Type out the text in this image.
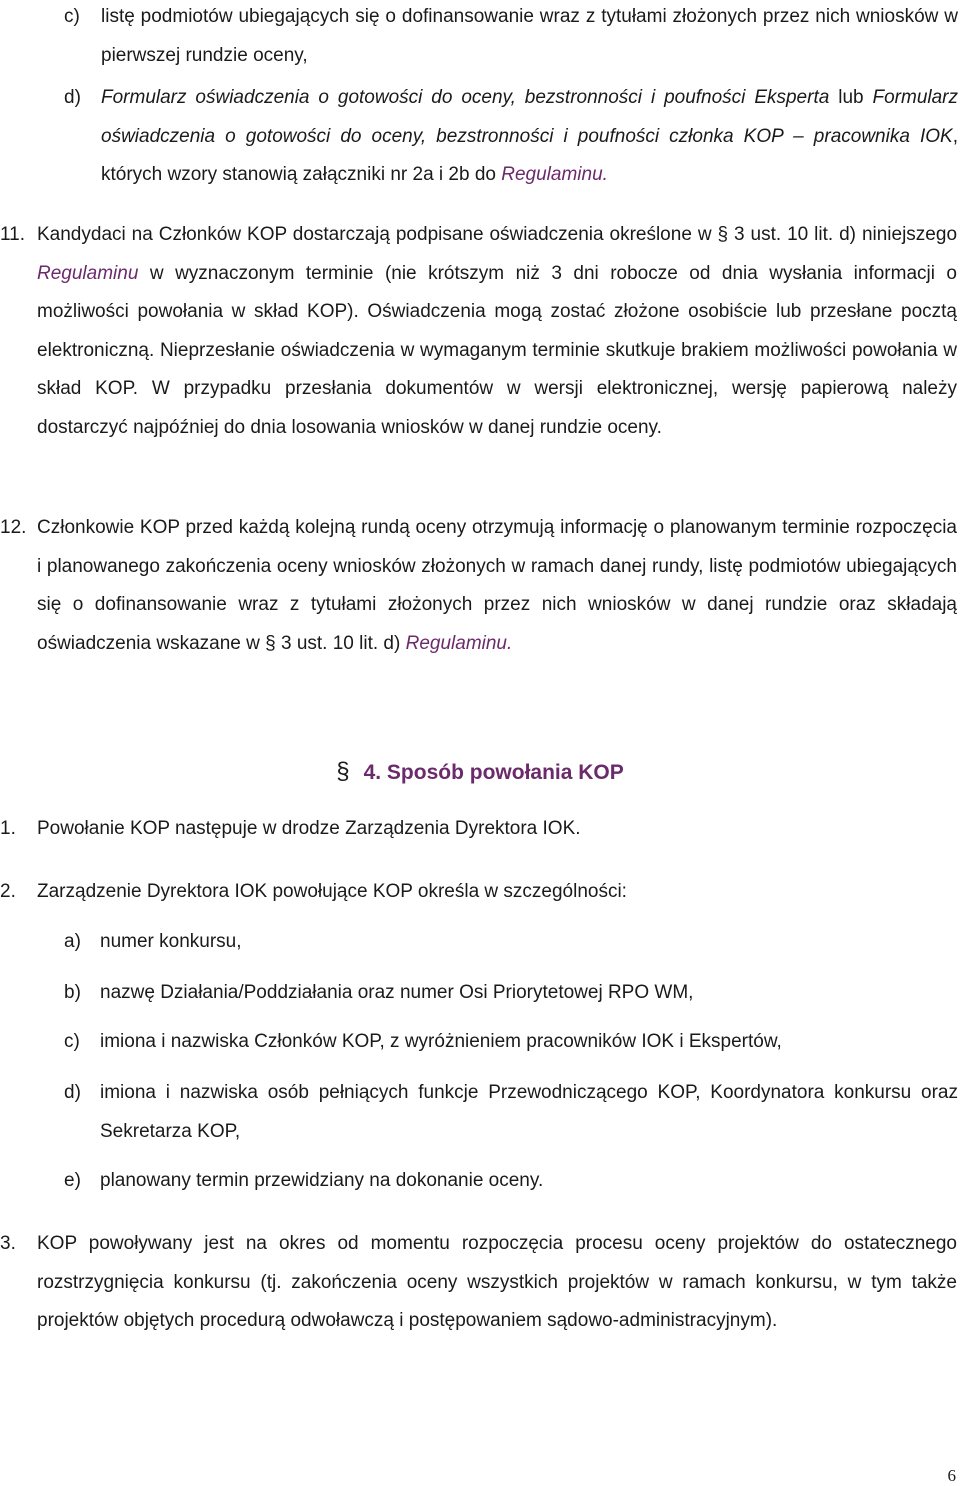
c) listę podmiotów ubiegających się o dofinansowanie wraz z tytułami złożonych przez nich wniosków w pierwszej rundzie oceny,
d) Formularz oświadczenia o gotowości do oceny, bezstronności i poufności Eksperta lub Formularz oświadczenia o gotowości do oceny, bezstronności i poufności członka KOP – pracownika IOK, których wzory stanowią załączniki nr 2a i 2b do Regulaminu.
11. Kandydaci na Członków KOP dostarczają podpisane oświadczenia określone w § 3 ust. 10 lit. d) niniejszego Regulaminu w wyznaczonym terminie (nie krótszym niż 3 dni robocze od dnia wysłania informacji o możliwości powołania w skład KOP). Oświadczenia mogą zostać złożone osobiście lub przesłane pocztą elektroniczną. Nieprzesłanie oświadczenia w wymaganym terminie skutkuje brakiem możliwości powołania w skład KOP. W przypadku przesłania dokumentów w wersji elektronicznej, wersję papierową należy dostarczyć najpóźniej do dnia losowania wniosków w danej rundzie oceny.
12. Członkowie KOP przed każdą kolejną rundą oceny otrzymują informację o planowanym terminie rozpoczęcia i planowanego zakończenia oceny wniosków złożonych w ramach danej rundy, listę podmiotów ubiegających się o dofinansowanie wraz z tytułami złożonych przez nich wniosków w danej rundzie oraz składają oświadczenia wskazane w § 3 ust. 10 lit. d) Regulaminu.
§ 4. Sposób powołania KOP
1. Powołanie KOP następuje w drodze Zarządzenia Dyrektora IOK.
2. Zarządzenie Dyrektora IOK powołujące KOP określa w szczególności:
a) numer konkursu,
b) nazwę Działania/Poddziałania oraz numer Osi Priorytetowej RPO WM,
c) imiona i nazwiska Członków KOP, z wyróżnieniem pracowników IOK i Ekspertów,
d) imiona i nazwiska osób pełniących funkcje Przewodniczącego KOP, Koordynatora konkursu oraz Sekretarza KOP,
e) planowany termin przewidziany na dokonanie oceny.
3. KOP powoływany jest na okres od momentu rozpoczęcia procesu oceny projektów do ostatecznego rozstrzygnięcia konkursu (tj. zakończenia oceny wszystkich projektów w ramach konkursu, w tym także projektów objętych procedurą odwoławczą i postępowaniem sądowo-administracyjnym).
6
